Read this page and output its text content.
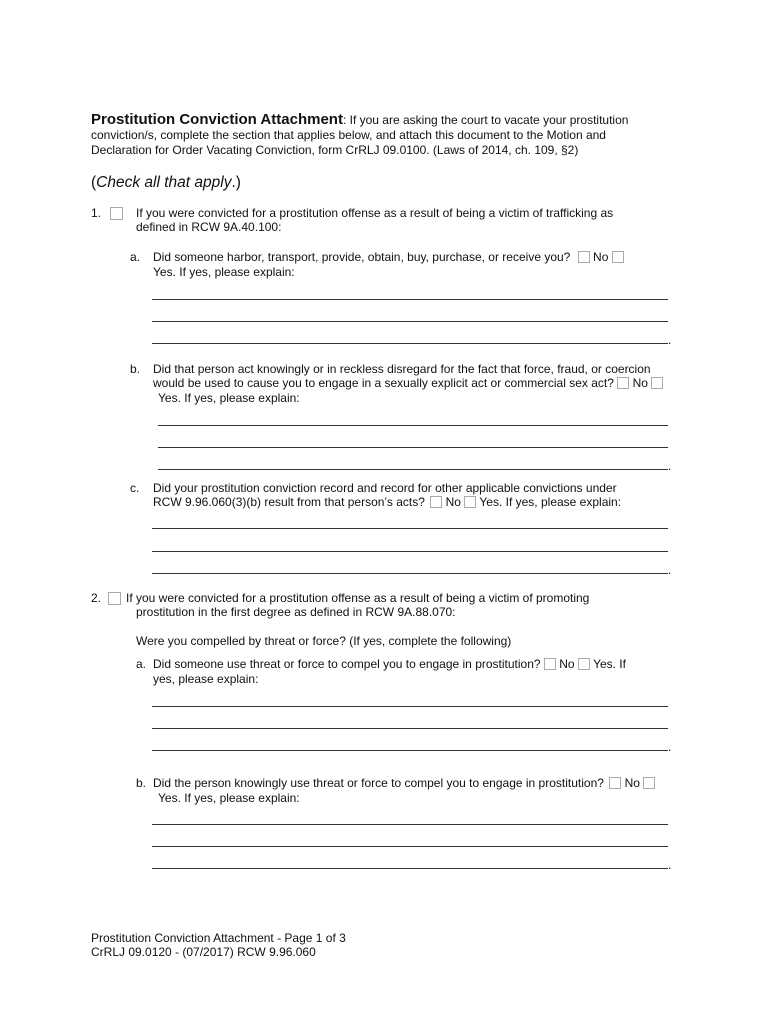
Prostitution Conviction Attachment: If you are asking the court to vacate your prostitution
conviction/s, complete the section that applies below, and attach this document to the Motion and
Declaration for Order Vacating Conviction, form CrRLJ 09.0100. (Laws of 2014, ch. 109, §2)
(Check all that apply.)
1.	If you were convicted for a prostitution offense as a result of being a victim of trafficking as
defined in RCW 9A.40.100:
a. Did someone harbor, transport, provide, obtain, buy, purchase, or receive you? No
Yes. If yes, please explain:
.
b. Did that person act knowingly or in reckless disregard for the fact that force, fraud, or coercion
would be used to cause you to engage in a sexually explicit act or commercial sex act? No
Yes. If yes, please explain:
.
c. Did your prostitution conviction record and record for other applicable convictions under
RCW 9.96.060(3)(b) result from that person’s acts? No Yes. If yes, please explain:
.
2. If you were convicted for a prostitution offense as a result of being a victim of promoting
prostitution in the first degree as defined in RCW 9A.88.070:
Were you compelled by threat or force? (If yes, complete the following)
a. Did someone use threat or force to compel you to engage in prostitution? No Yes. If
yes, please explain:
.
b. Did the person knowingly use threat or force to compel you to engage in prostitution? No
Yes. If yes, please explain:
.
Prostitution Conviction Attachment - Page 1 of 3
CrRLJ 09.0120 - (07/2017) RCW 9.96.060
